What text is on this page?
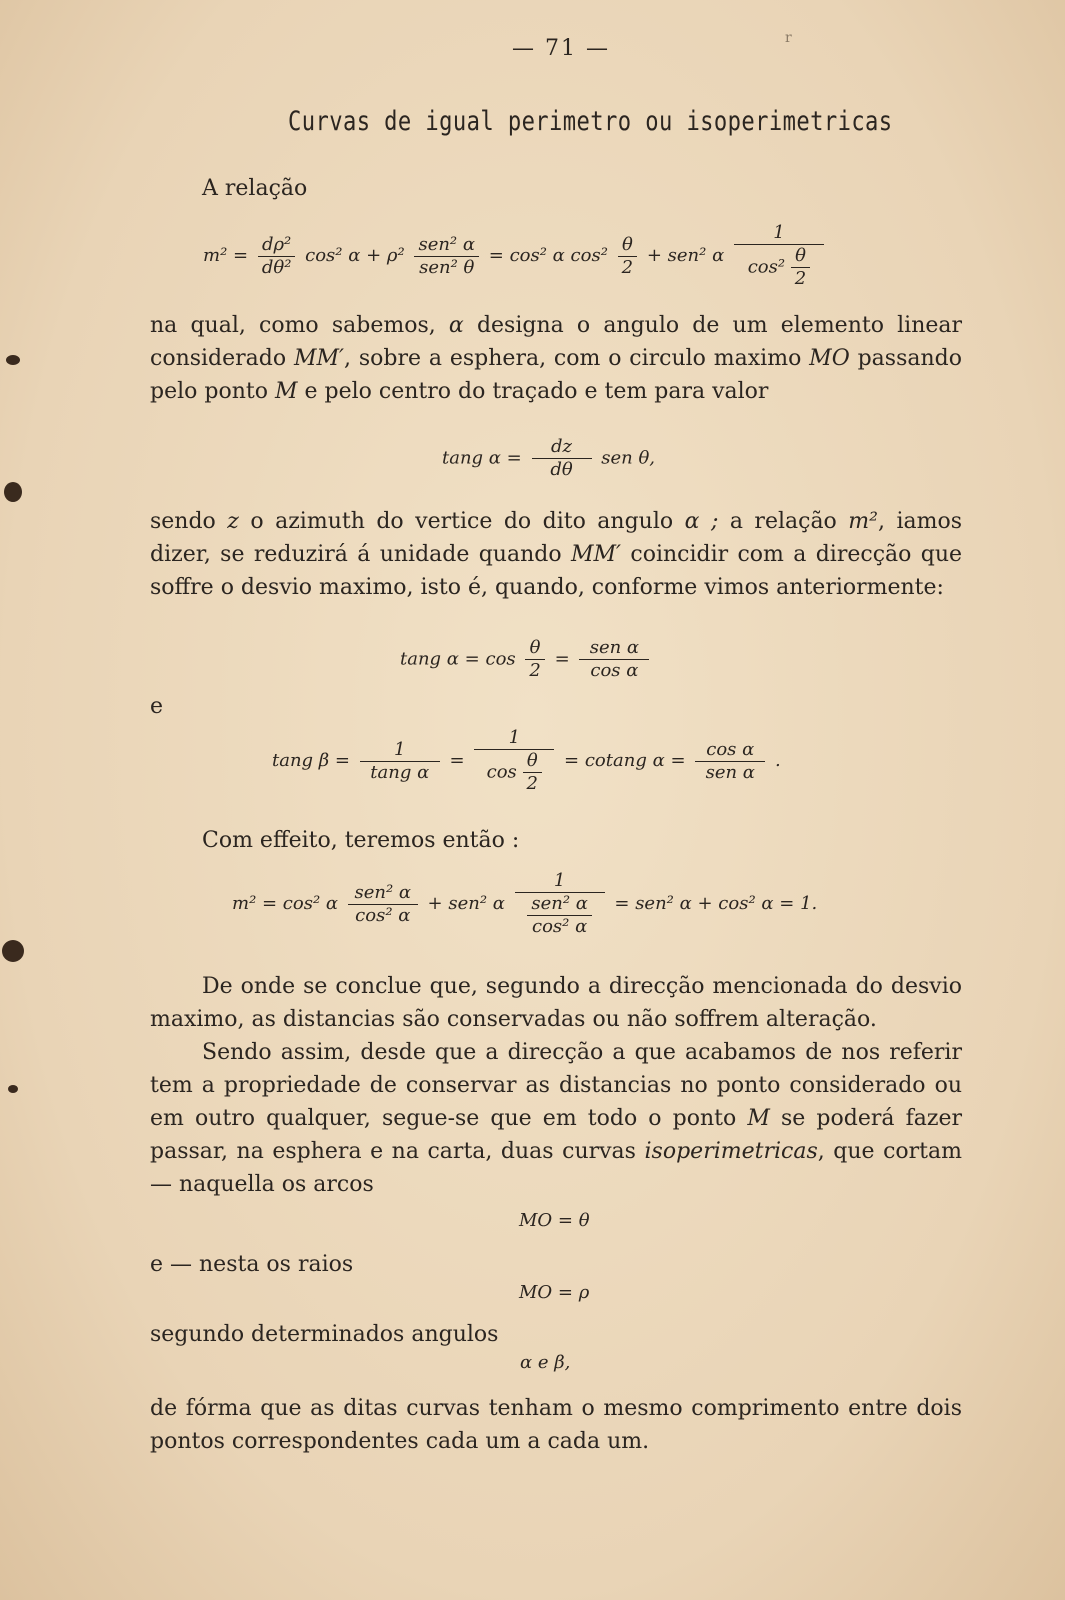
— 71 —	r
Curvas de igual perimetro ou isoperimetricas
A relação
$m^2 = \frac{\text{dρ²}}{\text{dθ²}} \cos^2$ $\alpha + \rho^2 \frac{\text{sen² α}}{\text{sen² θ}} = \cos^2$ α $\cos^2 \frac{\theta}{2} + sen^2$ α $\frac{1}{\cos^2 \frac{\theta}{2}}$
na qual, como sabemos, α designa o angulo de um elemento linear considerado MM′, sobre a esphera, com o circulo maximo MO passando pelo ponto M e pelo centro do traçado e tem para valor
tang $\alpha = \frac{dz}{d\theta}$ sen θ,
sendo z o azimuth do vertice do dito angulo α ; a relação m², iamos dizer, se reduzirá á unidade quando MM′ coincidir com a direcção que soffre o desvio maximo, isto é, quando, conforme vimos anteriormente:
tang $\alpha = \cos \frac{\theta}{2} = \frac{\text{sen α}}{\text{cos α}}$
e
tang $\beta = \frac{1}{\text{tang α}} = \frac{1}{\cos \frac{\theta}{2}} = cotang$ $\alpha = \frac{\text{cos α}}{\text{sen α}}$ .
Com effeito, teremos então :
m² = cos² α $\frac{\text{sen² α}}{\text{cos² α}} + sen^2$ α $\frac{1}{\frac{\text{sen² α}}{\text{cos² α}}} = sen^2$ α + cos² α = 1.
De onde se conclue que, segundo a direcção mencionada do desvio maximo, as distancias são conservadas ou não soffrem alteração.
Sendo assim, desde que a direcção a que acabamos de nos referir tem a propriedade de conservar as distancias no ponto considerado ou em outro qualquer, segue-se que em todo o ponto M se poderá fazer passar, na esphera e na carta, duas curvas isoperimetricas, que cortam — naquella os arcos
MO = θ
e — nesta os raios
MO = ρ
segundo determinados angulos
α e β,
de fórma que as ditas curvas tenham o mesmo comprimento entre dois pontos correspondentes cada um a cada um.
